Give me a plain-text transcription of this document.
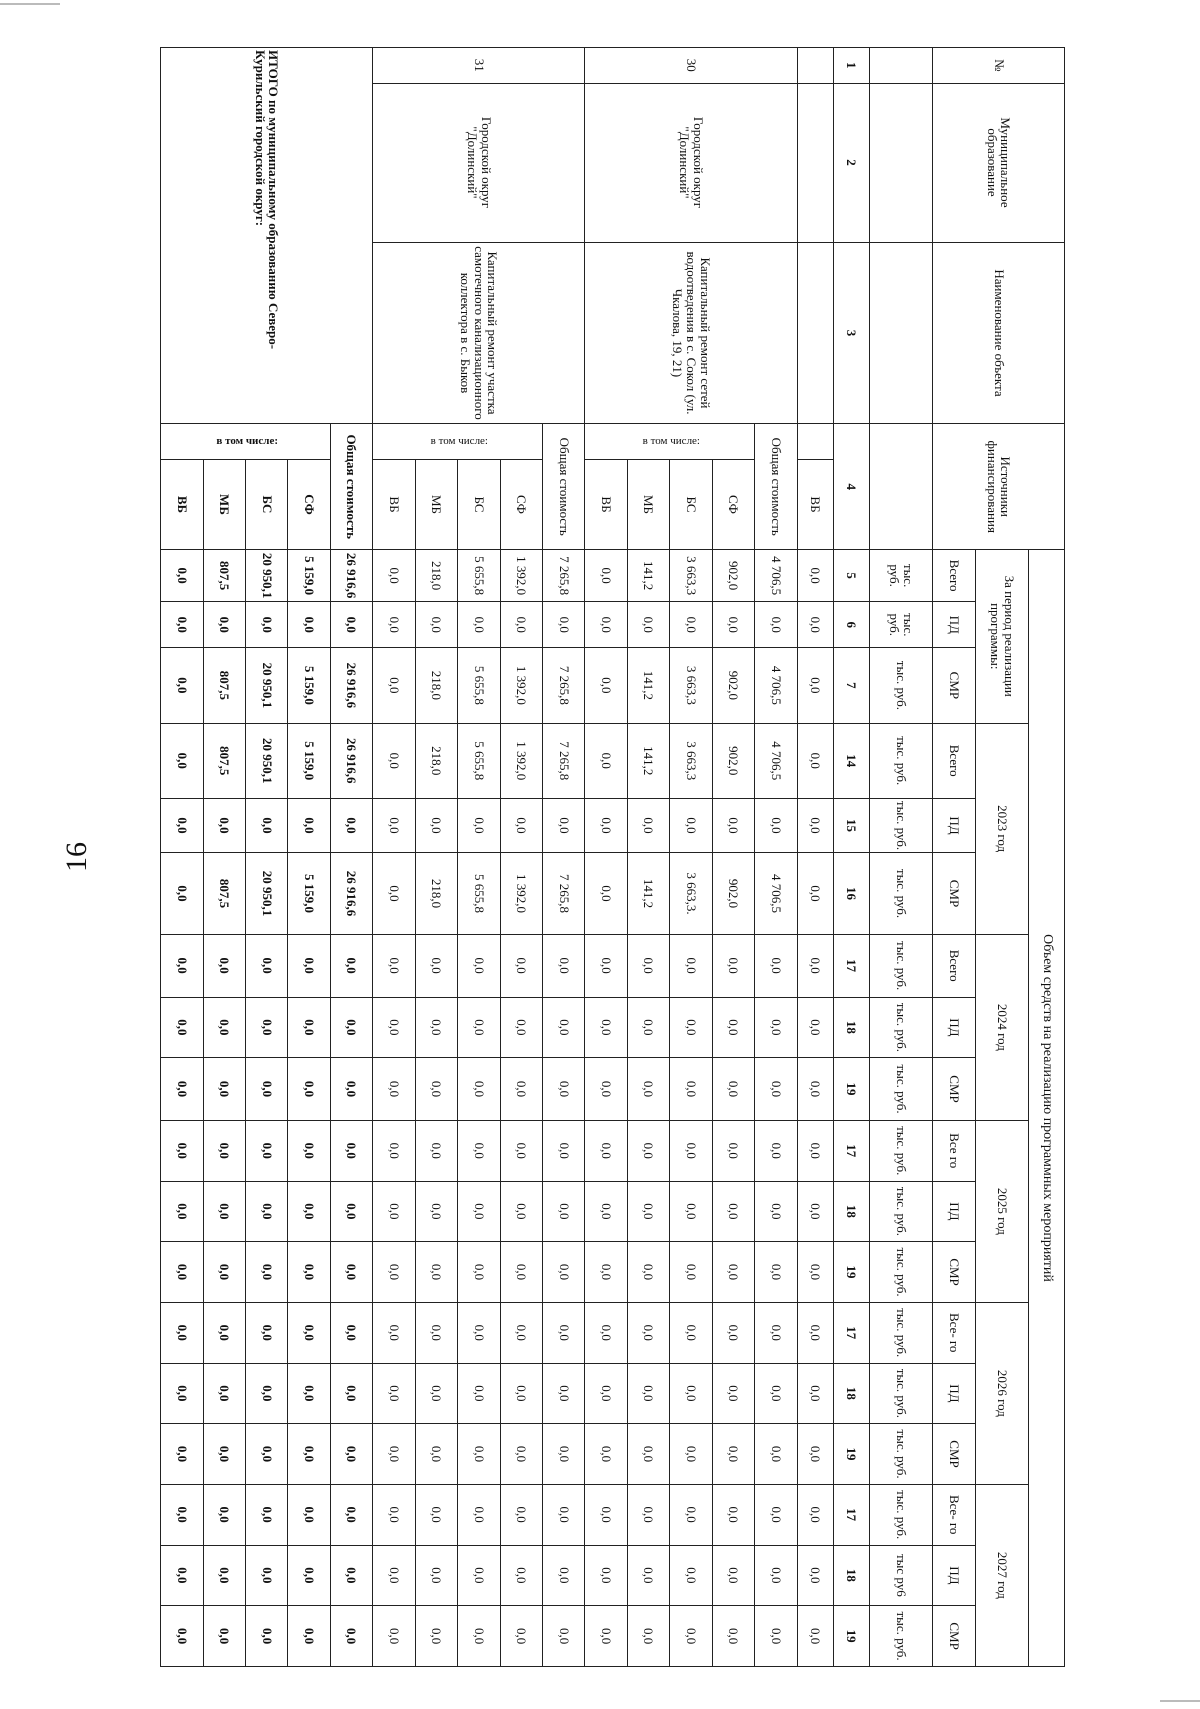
16
№	Муниципальное образование	Наименование объекта	Источники финансирования		Объем средств на реализацию программных мероприятий																	
					За период реализации программы:			2023 год			2024 год			2025 год			2026 год			2027 год		
					Всего	ПД	СМР	Всего	ПД	СМР	Всего	ПД	СМР	Все го	ПД	СМР	Все- го	ПД	СМР	Все- го	ПД	СМР
					тыс. руб.	тыс. руб.	тыс. руб.	тыс. руб.	тыс. руб.	тыс. руб.	тыс. руб.	тыс. руб.	тыс. руб.	тыс. руб.	тыс. руб.	тыс. руб.	тыс. руб.	тыс. руб.	тыс. руб.	тыс. руб.	тыс ру6	тыс. руб.
1	2	3	4		5	6	7	14	15	16	17	18	19	17	18	19	17	18	19	17	18	19
				ВБ	0,0	0,0	0,0	0,0	0,0	0,0	0,0	0,0	0,0	0,0	0,0	0,0	0,0	0,0	0,0	0,0	0,0	0,0
30	Городской округ "Долинский"	Капитальный ремонт сетей водоотведения в с. Сокол (ул. Чкалова, 19, 21)	Общая стоимость		4 706,5	0,0	4 706,5	4 706,5	0,0	4 706,5	0,0	0,0	0,0	0,0	0,0	0,0	0,0	0,0	0,0	0,0	0,0	0,0
			в том числе:	СФ	902,0	0,0	902,0	902,0	0,0	902,0	0,0	0,0	0,0	0,0	0,0	0,0	0,0	0,0	0,0	0,0	0,0	0,0
				БС	3 663,3	0,0	3 663,3	3 663,3	0,0	3 663,3.	0,0	0,0	0,0	0,0	0,0	0,0	0,0	0,0	0,0	0,0	0,0	0,0
				МБ	141,2	0,0	141,2	141,2	0,0	141,2	0,0	0,0	0,0	0,0	0,0	0,0	0,0	0,0	0,0	0,0	0,0	0,0
				ВБ	0,0	0,0	0,0	0,0	0,0	0,0	0,0	0,0	0,0	0,0	0,0	0,0	0,0	0,0	0,0	0,0	0,0	0,0
31	Городской округ "Долинский"	Капитальный ремонт участка самотечного канализационного коллектора в с. Быков	Общая стоимость		7 265,8	0,0	7 265,8	7 265,8	0,0	7 265,8	0,0	0,0	0,0	0,0	0,0	0,0	0,0	0,0	0,0	0,0	0,0	0,0
			в том числе:	СФ	1 392,0	0,0	1 392,0	1 392,0	0,0	1 392,0	0,0	0,0	0,0	0,0	0,0	0,0	0,0	0,0	0,0	0,0	0,0	0,0
				БС	5 655,8	0,0	5 655,8	5 655,8	0,0	5 655,8	0,0	0,0	0,0	0,0	0,0	0,0	0,0	0,0	0,0	0,0	0,0	0,0
				МБ	218,0	0,0	218,0	218,0	0,0	218,0	0,0	0,0	0,0	0,0	0,0	0,0	0,0	0,0	0,0	0,0	0,0	0,0
				ВБ	0,0	0,0	0,0	0,0	0,0	0,0	0,0	0,0	0,0	0,0	0,0	0,0	0,0	0,0	0,0	0,0	0,0	0,0
ИТОГО по муниципальному образованию Северо-Курильский городской округ:			Общая стоимость		26 916,6	0,0	26 916,6	26 916,6	0,0	26 916,6	0,0	0,0	0,0	0,0	0,0	0,0	0,0	0,0	0,0	0,0	0,0	0,0
			в том числе:	СФ	5 159,0	0,0	5 159,0	5 159,0	0,0	5 159,0	0,0	0,0	0,0	0,0	0,0	0,0	0,0	0,0	0,0	0,0	0,0	0,0
				БС	20 950,1	0,0	20 950,1	20 950,1	0,0	20 950,1	0,0	0,0	0,0	0,0	0,0	0,0	0,0	0,0	0,0	0,0	0,0	0,0
				МБ	807,5	0,0	807,5	807,5	0,0	807,5	0,0	0,0	0,0	0,0	0,0	0,0	0,0	0,0	0,0	0,0	0,0	0,0
				ВБ	0,0	0,0	0,0	0,0	0,0	0,0	0,0	0,0	0,0	0,0	0,0	0,0	0,0	0,0	0,0	0,0	0,0	0,0
